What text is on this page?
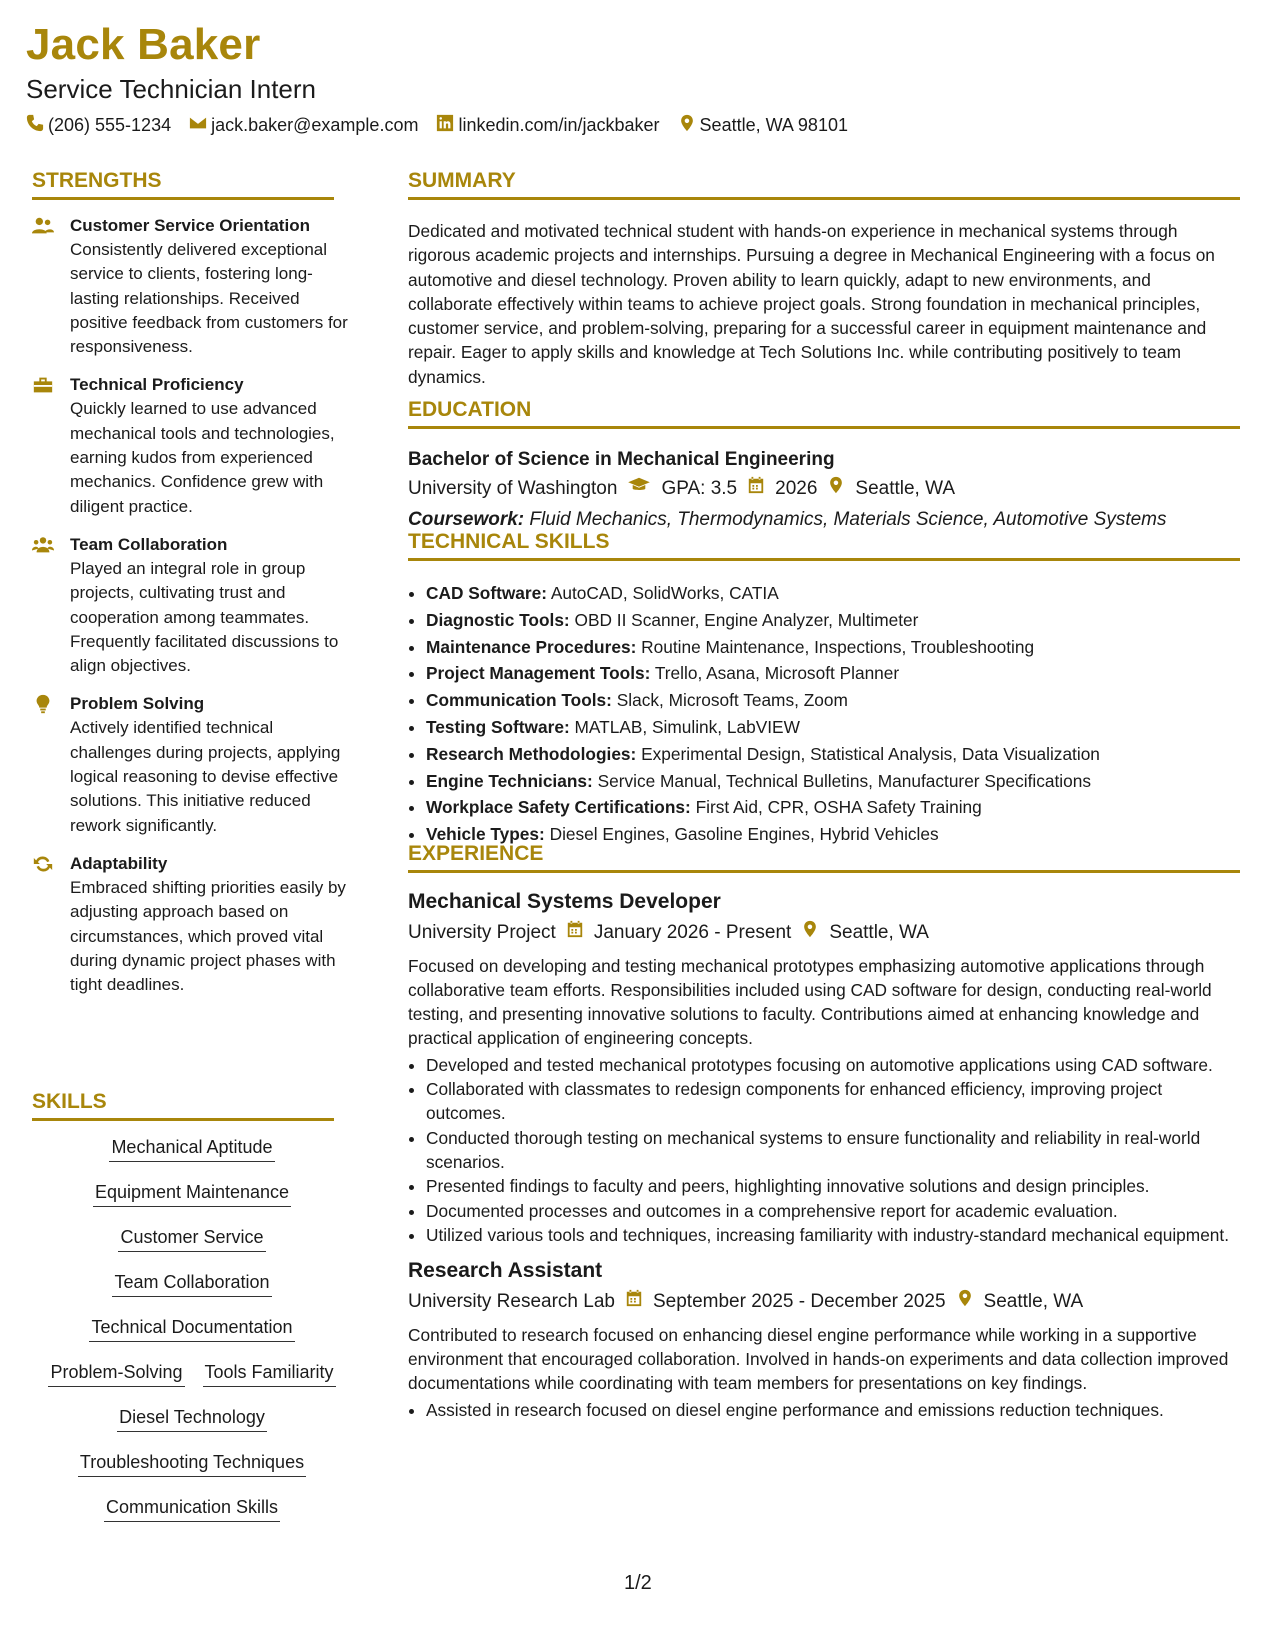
Jack Baker
Service Technician Intern
(206) 555-1234 jack.baker@example.com linkedin.com/in/jackbaker Seattle, WA 98101
STRENGTHS
Customer Service Orientation
Consistently delivered exceptional service to clients, fostering long-lasting relationships. Received positive feedback from customers for responsiveness.
Technical Proficiency
Quickly learned to use advanced mechanical tools and technologies, earning kudos from experienced mechanics. Confidence grew with diligent practice.
Team Collaboration
Played an integral role in group projects, cultivating trust and cooperation among teammates. Frequently facilitated discussions to align objectives.
Problem Solving
Actively identified technical challenges during projects, applying logical reasoning to devise effective solutions. This initiative reduced rework significantly.
Adaptability
Embraced shifting priorities easily by adjusting approach based on circumstances, which proved vital during dynamic project phases with tight deadlines.
SKILLS
Mechanical Aptitude
Equipment Maintenance
Customer Service
Team Collaboration
Technical Documentation
Problem-Solving Tools Familiarity
Diesel Technology
Troubleshooting Techniques
Communication Skills
SUMMARY
Dedicated and motivated technical student with hands-on experience in mechanical systems through rigorous academic projects and internships. Pursuing a degree in Mechanical Engineering with a focus on automotive and diesel technology. Proven ability to learn quickly, adapt to new environments, and collaborate effectively within teams to achieve project goals. Strong foundation in mechanical principles, customer service, and problem-solving, preparing for a successful career in equipment maintenance and repair. Eager to apply skills and knowledge at Tech Solutions Inc. while contributing positively to team dynamics.
EDUCATION
Bachelor of Science in Mechanical Engineering
University of Washington GPA: 3.5 2026 Seattle, WA
Coursework: Fluid Mechanics, Thermodynamics, Materials Science, Automotive Systems
TECHNICAL SKILLS
• CAD Software: AutoCAD, SolidWorks, CATIA
• Diagnostic Tools: OBD II Scanner, Engine Analyzer, Multimeter
• Maintenance Procedures: Routine Maintenance, Inspections, Troubleshooting
• Project Management Tools: Trello, Asana, Microsoft Planner
• Communication Tools: Slack, Microsoft Teams, Zoom
• Testing Software: MATLAB, Simulink, LabVIEW
• Research Methodologies: Experimental Design, Statistical Analysis, Data Visualization
• Engine Technicians: Service Manual, Technical Bulletins, Manufacturer Specifications
• Workplace Safety Certifications: First Aid, CPR, OSHA Safety Training
• Vehicle Types: Diesel Engines, Gasoline Engines, Hybrid Vehicles
EXPERIENCE
Mechanical Systems Developer
University Project January 2026 - Present Seattle, WA
Focused on developing and testing mechanical prototypes emphasizing automotive applications through collaborative team efforts. Responsibilities included using CAD software for design, conducting real-world testing, and presenting innovative solutions to faculty. Contributions aimed at enhancing knowledge and practical application of engineering concepts.
• Developed and tested mechanical prototypes focusing on automotive applications using CAD software.
• Collaborated with classmates to redesign components for enhanced efficiency, improving project outcomes.
• Conducted thorough testing on mechanical systems to ensure functionality and reliability in real-world scenarios.
• Presented findings to faculty and peers, highlighting innovative solutions and design principles.
• Documented processes and outcomes in a comprehensive report for academic evaluation.
• Utilized various tools and techniques, increasing familiarity with industry-standard mechanical equipment.
Research Assistant
University Research Lab September 2025 - December 2025 Seattle, WA
Contributed to research focused on enhancing diesel engine performance while working in a supportive environment that encouraged collaboration. Involved in hands-on experiments and data collection improved documentations while coordinating with team members for presentations on key findings.
• Assisted in research focused on diesel engine performance and emissions reduction techniques.
1/2
